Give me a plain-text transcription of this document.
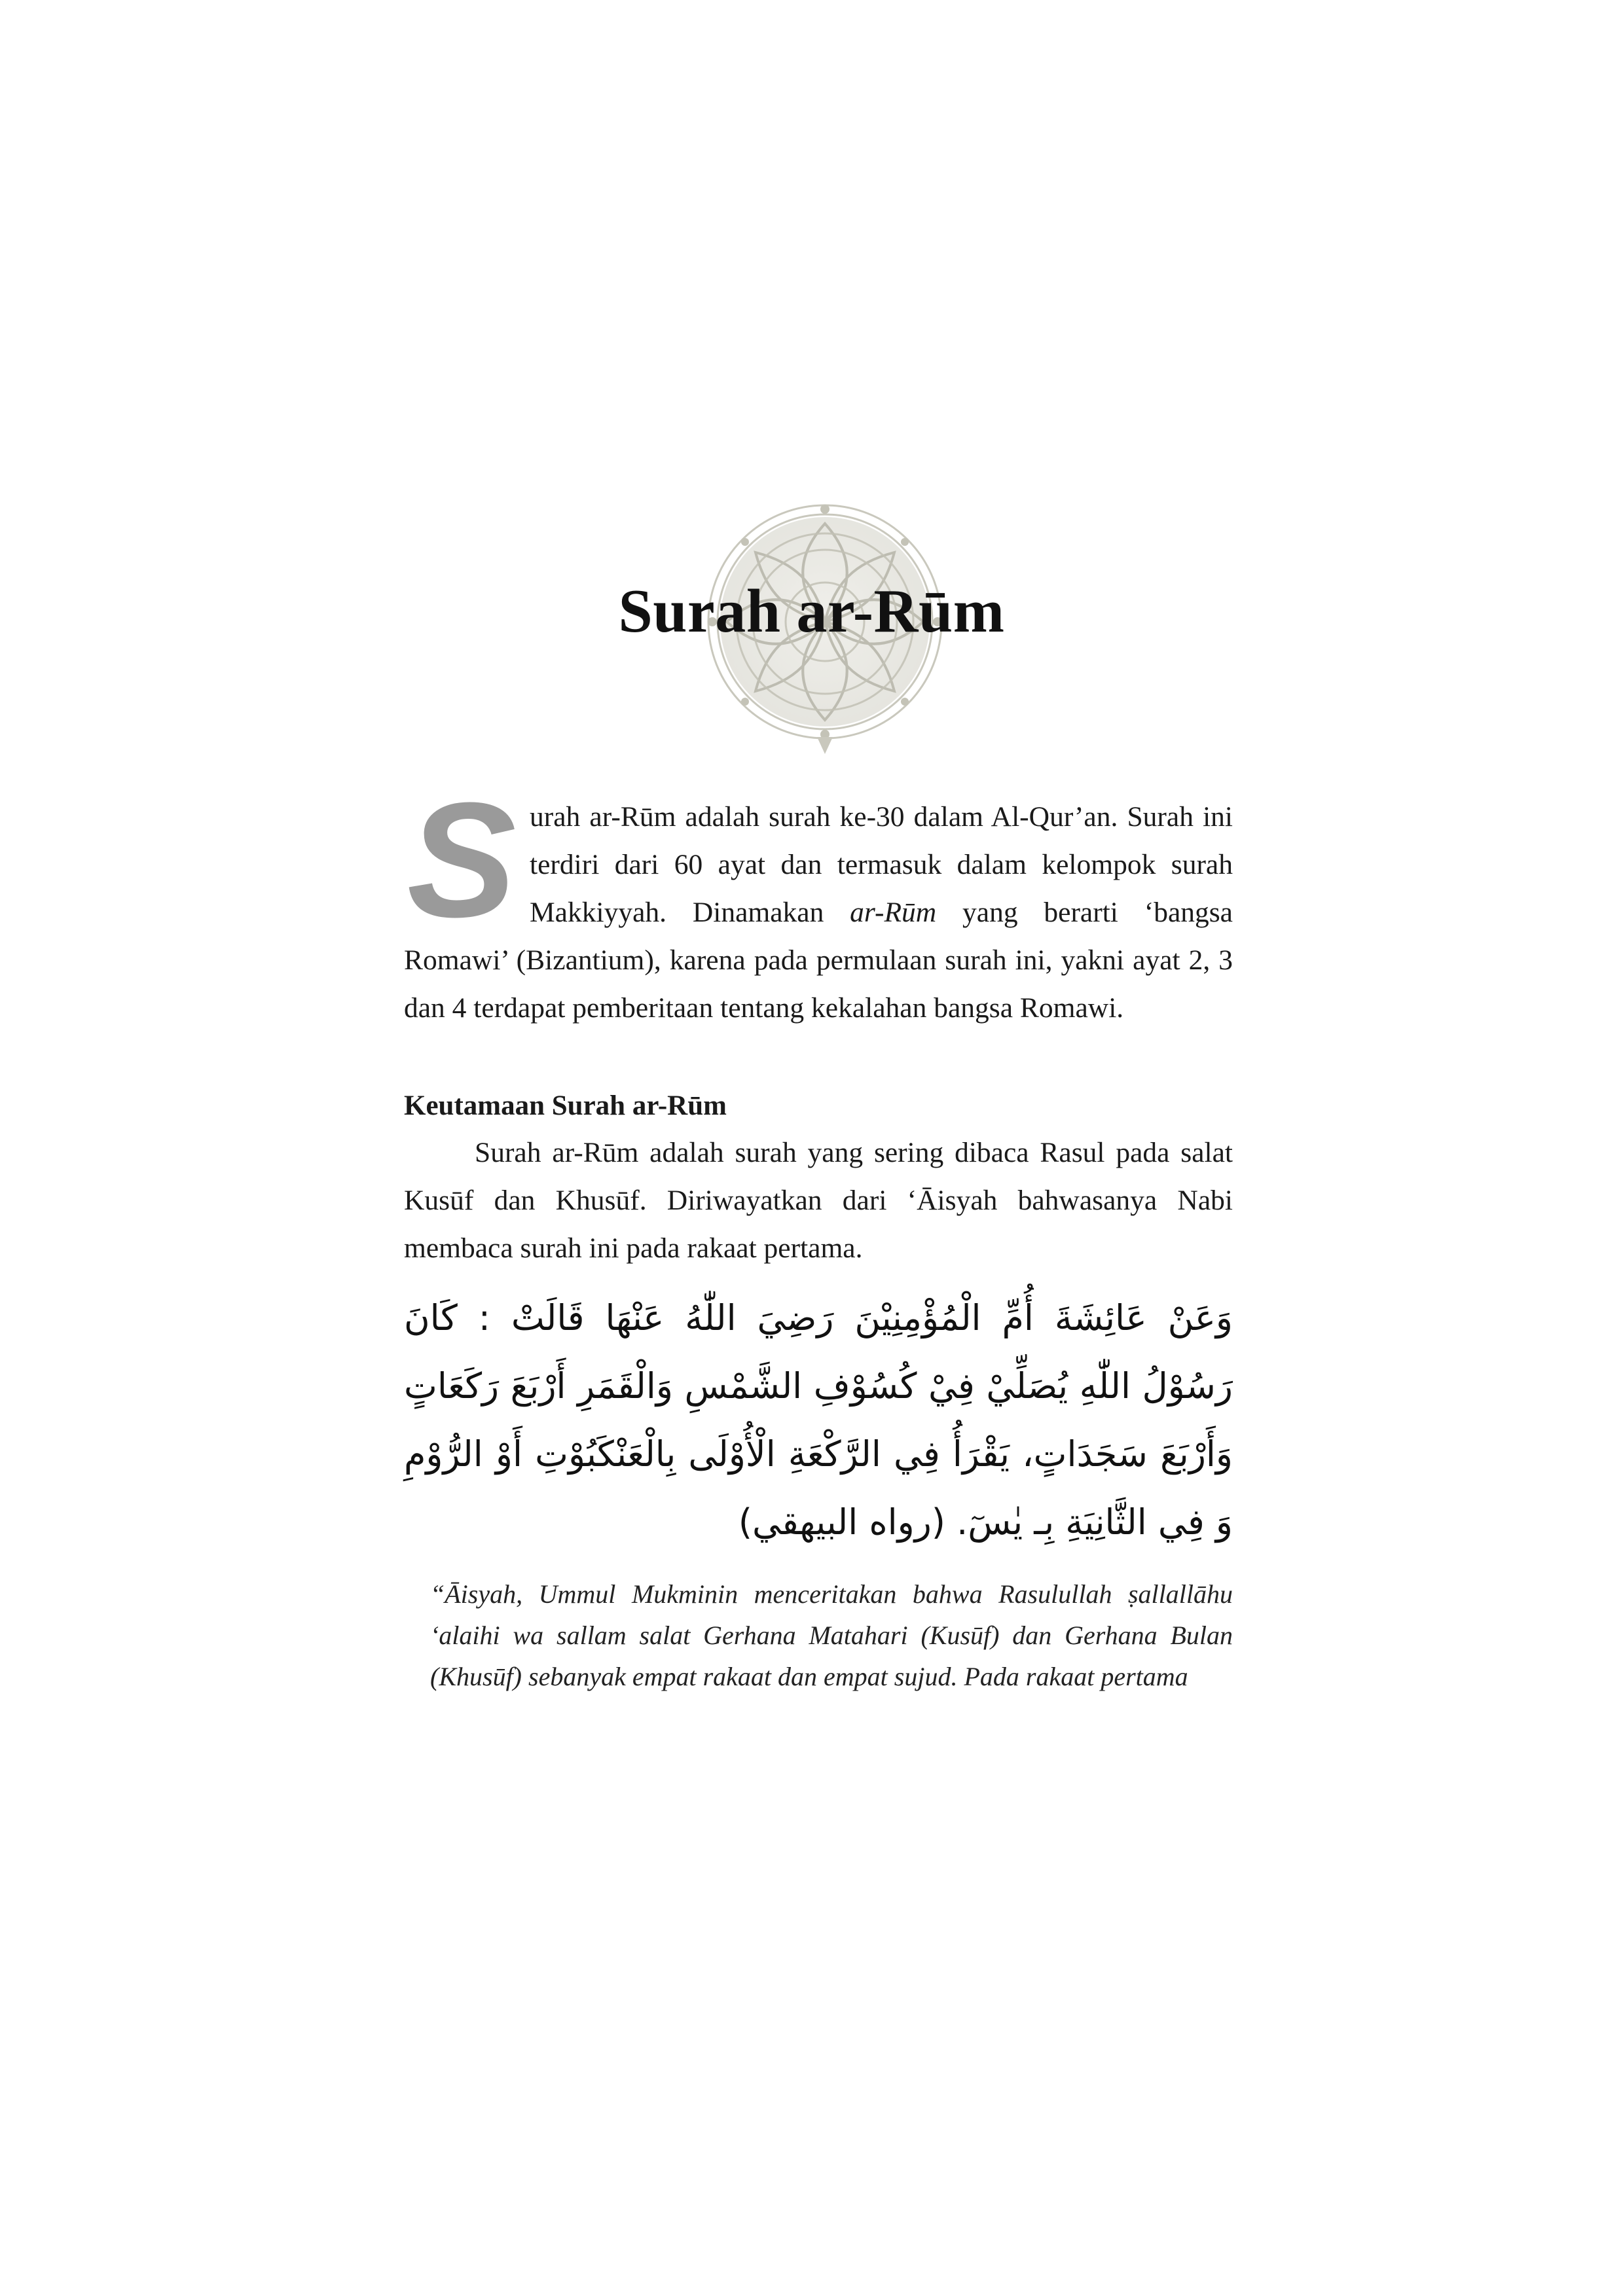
Surah ar-Rūm

S urah ar-Rūm adalah surah ke-30 dalam Al-Qur’an. Surah ini terdiri dari 60 ayat dan termasuk dalam kelompok surah Makkiyyah. Dinamakan ar-Rūm yang berarti ‘bangsa Romawi’ (Bizantium), karena pada permulaan surah ini, yakni ayat 2, 3 dan 4 terdapat pemberitaan tentang kekalahan bangsa Romawi.

Keutamaan Surah ar-Rūm

Surah ar-Rūm adalah surah yang sering dibaca Rasul pada salat Kusūf dan Khusūf. Diriwayatkan dari ‘Āisyah bahwasanya Nabi membaca surah ini pada rakaat pertama.

وَعَنْ عَائِشَةَ أُمِّ الْمُؤْمِنِيْنَ رَضِيَ اللّٰهُ عَنْهَا قَالَتْ : كَانَ رَسُوْلُ اللّٰهِ يُصَلِّيْ فِيْ كُسُوْفِ الشَّمْسِ وَالْقَمَرِ أَرْبَعَ رَكَعَاتٍ وَأَرْبَعَ سَجَدَاتٍ، يَقْرَأُ فِي الرَّكْعَةِ الْأُوْلَى بِالْعَنْكَبُوْتِ أَوْ الرُّوْمِ وَ فِي الثَّانِيَةِ بِـ يٰسٓ. (رواه البيهقي)

“Āisyah, Ummul Mukminin menceritakan bahwa Rasulullah ṣallallāhu ‘alaihi wa sallam salat Gerhana Matahari (Kusūf) dan Gerhana Bulan (Khusūf) sebanyak empat rakaat dan empat sujud. Pada rakaat pertama
